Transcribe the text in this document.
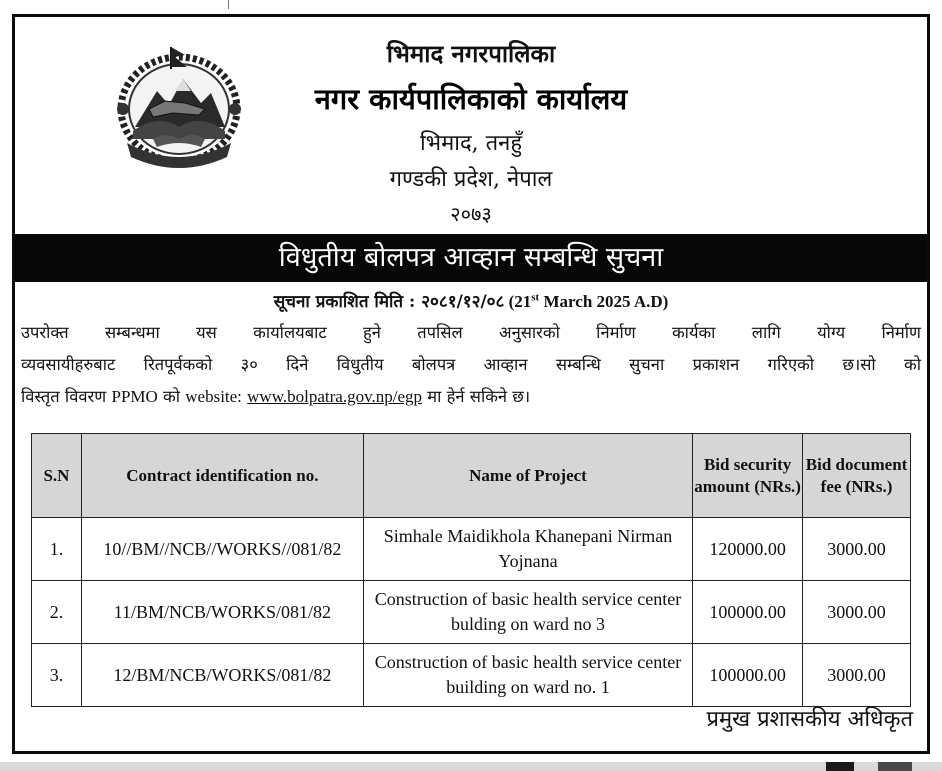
भिमाद नगरपालिका
नगर कार्यपालिकाको कार्यालय
भिमाद, तनहुँ
गण्डकी प्रदेश, नेपाल
२०७३
विधुतीय बोलपत्र आव्हान सम्बन्धि सुचना
सूचना प्रकाशित मिति : २०८१/१२/०८ (21st March 2025 A.D)
उपरोक्त सम्बन्धमा यस कार्यालयबाट हुने तपसिल अनुसारको निर्माण कार्यका लागि योग्य निर्माण
व्यवसायीहरुबाट रितपूर्वकको ३० दिने विधुतीय बोलपत्र आव्हान सम्बन्धि सुचना प्रकाशन गरिएको छ।सो को
विस्तृत विवरण PPMO को website: www.bolpatra.gov.np/egp मा हेर्न सकिने छ।
S.N	Contract identification no.	Name of Project	Bid security amount (NRs.)	Bid document fee (NRs.)
1.	10//BM//NCB//WORKS//081/82	Simhale Maidikhola Khanepani Nirman Yojnana	120000.00	3000.00
2.	11/BM/NCB/WORKS/081/82	Construction of basic health service center bulding on ward no 3	100000.00	3000.00
3.	12/BM/NCB/WORKS/081/82	Construction of basic health service center building on ward no. 1	100000.00	3000.00
प्रमुख प्रशासकीय अधिकृत
